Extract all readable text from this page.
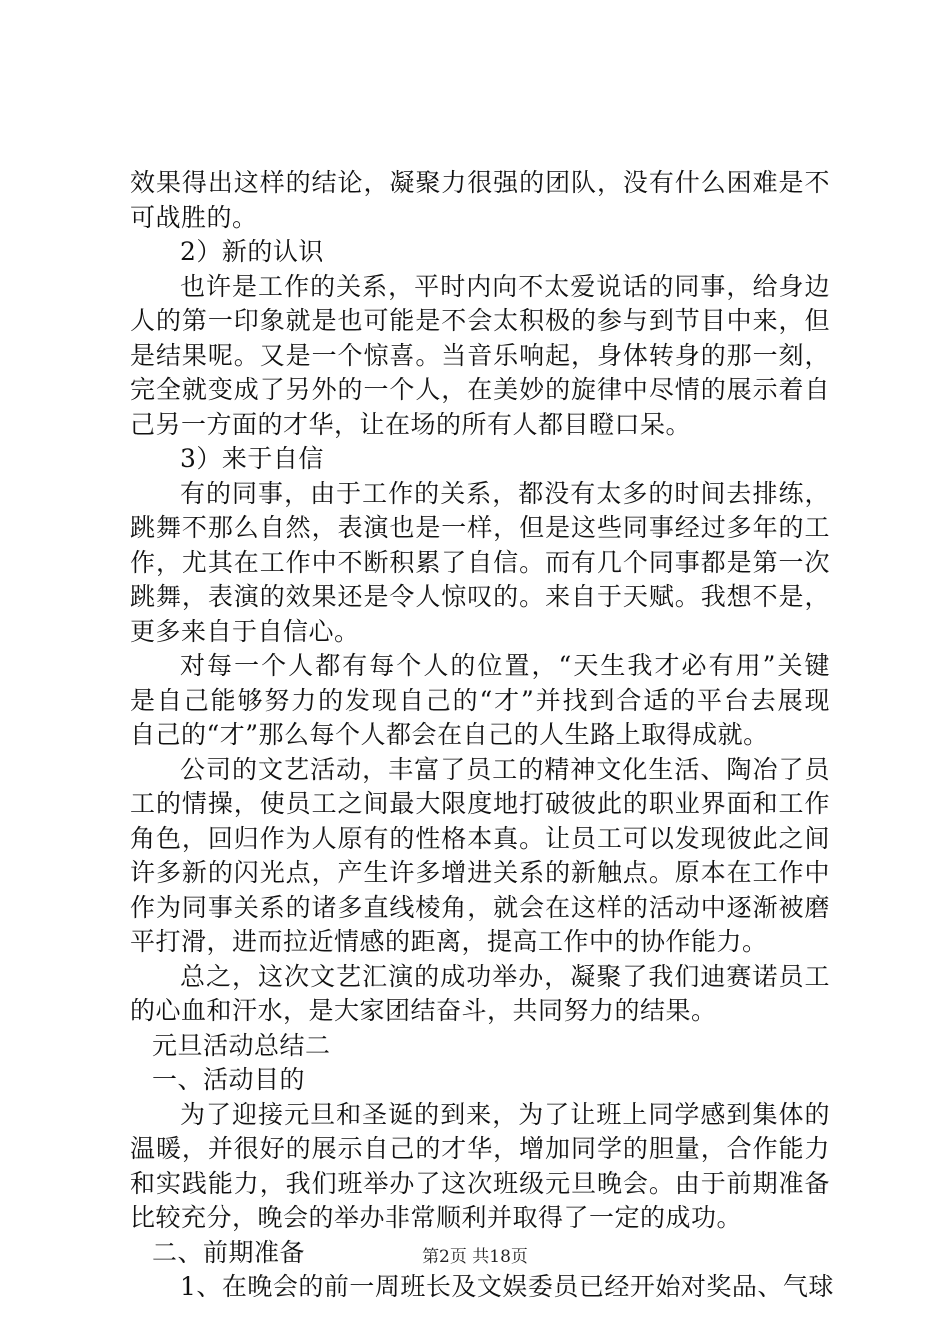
效果得出这样的结论，凝聚力很强的团队，没有什么困难是不
可战胜的。
2）新的认识
也许是工作的关系，平时内向不太爱说话的同事，给身边
人的第一印象就是也可能是不会太积极的参与到节目中来，但
是结果呢。又是一个惊喜。当音乐响起，身体转身的那一刻，
完全就变成了另外的一个人，在美妙的旋律中尽情的展示着自
己另一方面的才华，让在场的所有人都目瞪口呆。
3）来于自信
有的同事，由于工作的关系，都没有太多的时间去排练，
跳舞不那么自然，表演也是一样，但是这些同事经过多年的工
作，尤其在工作中不断积累了自信。而有几个同事都是第一次
跳舞，表演的效果还是令人惊叹的。来自于天赋。我想不是，
更多来自于自信心。
对每一个人都有每个人的位置，“天生我才必有用”关键
是自己能够努力的发现自己的“才”并找到合适的平台去展现
自己的“才”那么每个人都会在自己的人生路上取得成就。
公司的文艺活动，丰富了员工的精神文化生活、陶冶了员
工的情操，使员工之间最大限度地打破彼此的职业界面和工作
角色，回归作为人原有的性格本真。让员工可以发现彼此之间
许多新的闪光点，产生许多增进关系的新触点。原本在工作中
作为同事关系的诸多直线棱角，就会在这样的活动中逐渐被磨
平打滑，进而拉近情感的距离，提高工作中的协作能力。
总之，这次文艺汇演的成功举办，凝聚了我们迪赛诺员工
的心血和汗水，是大家团结奋斗，共同努力的结果。
元旦活动总结二
一、活动目的
为了迎接元旦和圣诞的到来，为了让班上同学感到集体的
温暖，并很好的展示自己的才华，增加同学的胆量，合作能力
和实践能力，我们班举办了这次班级元旦晚会。由于前期准备
比较充分，晚会的举办非常顺利并取得了一定的成功。
二、前期准备
1、在晚会的前一周班长及文娱委员已经开始对奖品、气球
第2页 共18页
